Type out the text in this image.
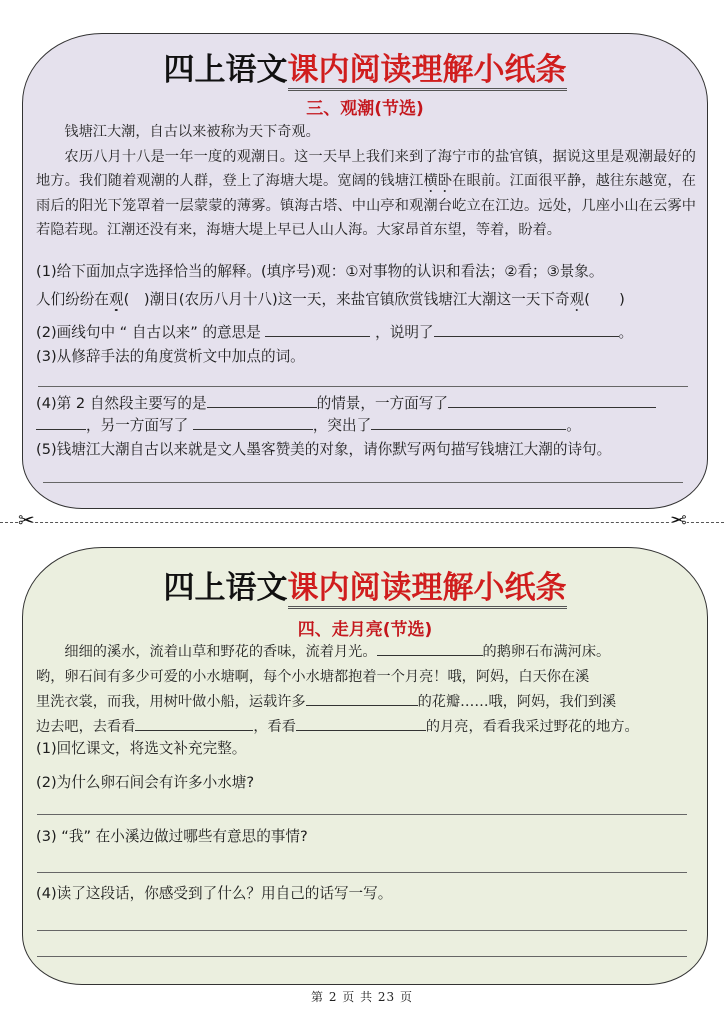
四上语文课内阅读理解小纸条
三、观潮(节选)

钱塘江大潮，自古以来被称为天下奇观。

农历八月十八是一年一度的观潮日。这一天早上我们来到了海宁市的盐官镇，据说这里是观潮最好的地方。我们随着观潮的人群，登上了海塘大堤。宽阔的钱塘江横卧在眼前。江面很平静，越往东越宽，在雨后的阳光下笼罩着一层蒙蒙的薄雾。镇海古塔、中山亭和观潮台屹立在江边。远处，几座小山在云雾中若隐若现。江潮还没有来，海塘大堤上早已人山人海。大家昂首东望，等着，盼着。

(1)给下面加点字选择恰当的解释。(填序号)观：①对事物的认识和看法；②看；③景象。
人们纷纷在观(　)潮日(农历八月十八)这一天，来盐官镇欣赏钱塘江大潮这一天下奇观(　　)
(2)画线句中 “ 自古以来” 的意思是	，说明了	。
(3)从修辞手法的角度赏析文中加点的词。
(4)第 2 自然段主要写的是	的情景，一方面写了
，另一方面写了	，突出了	。
(5)钱塘江大潮自古以来就是文人墨客赞美的对象，请你默写两句描写钱塘江大潮的诗句。
✂	✂
四上语文课内阅读理解小纸条
四、走月亮(节选)
细细的溪水，流着山草和野花的香味，流着月光。	的鹅卵石布满河床。
哟，卵石间有多少可爱的小水塘啊，每个小水塘都抱着一个月亮！哦，阿妈，白天你在溪
里洗衣裳，而我，用树叶做小船，运载许多	的花瓣……哦，阿妈，我们到溪
边去吧，去看看	，看看	的月亮，看看我采过野花的地方。
(1)回忆课文，将选文补充完整。
(2)为什么卵石间会有许多小水塘?
(3) “我” 在小溪边做过哪些有意思的事情?
(4)读了这段话，你感受到了什么？用自己的话写一写。
第 2 页 共 23 页
